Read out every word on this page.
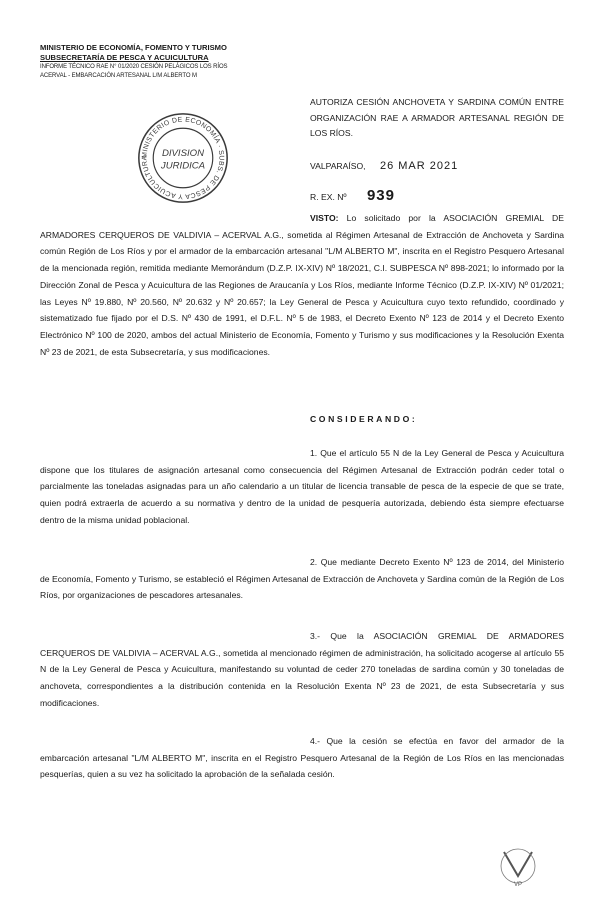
MINISTERIO DE ECONOMÍA, FOMENTO Y TURISMO
SUBSECRETARÍA DE PESCA Y ACUICULTURA
INFORME TÉCNICO RAE N° 01/2020 CESIÓN PELÁGICOS LOS RÍOS
ACERVAL - EMBARCACIÓN ARTESANAL L/M ALBERTO M
AUTORIZA CESIÓN ANCHOVETA Y SARDINA COMÚN ENTRE ORGANIZACIÓN RAE A ARMADOR ARTESANAL REGIÓN DE LOS RÍOS.
MINISTERIO DE ECONOMÍA · SUBS. DE PESCA Y ACUICULTURA	DIVISION
JURIDICA	VALPARAÍSO, 26 MAR 2021
R. EX. Nº 939
VISTO: Lo solicitado por la ASOCIACIÓN GREMIAL DE ARMADORES CERQUEROS DE VALDIVIA – ACERVAL A.G., sometida al Régimen Artesanal de Extracción de Anchoveta y Sardina común Región de Los Ríos y por el armador de la embarcación artesanal "L/M ALBERTO M", inscrita en el Registro Pesquero Artesanal de la mencionada región, remitida mediante Memorándum (D.Z.P. IX-XIV) Nº 18/2021, C.I. SUBPESCA Nº 898-2021; lo informado por la Dirección Zonal de Pesca y Acuicultura de las Regiones de Araucanía y Los Ríos, mediante Informe Técnico (D.Z.P. IX-XIV) Nº 01/2021; las Leyes Nº 19.880, Nº 20.560, Nº 20.632 y Nº 20.657; la Ley General de Pesca y Acuicultura cuyo texto refundido, coordinado y sistematizado fue fijado por el D.S. Nº 430 de 1991, el D.F.L. Nº 5 de 1983, el Decreto Exento Nº 123 de 2014 y el Decreto Exento Electrónico Nº 100 de 2020, ambos del actual Ministerio de Economía, Fomento y Turismo y sus modificaciones y la Resolución Exenta Nº 23 de 2021, de esta Subsecretaría, y sus modificaciones.
CONSIDERANDO:
1. Que el artículo 55 N de la Ley General de Pesca y Acuicultura dispone que los titulares de asignación artesanal como consecuencia del Régimen Artesanal de Extracción podrán ceder total o parcialmente las toneladas asignadas para un año calendario a un titular de licencia transable de pesca de la especie de que se trate, quien podrá extraerla de acuerdo a su normativa y dentro de la unidad de pesquería autorizada, debiendo ésta siempre efectuarse dentro de la misma unidad poblacional.
2. Que mediante Decreto Exento Nº 123 de 2014, del Ministerio de Economía, Fomento y Turismo, se estableció el Régimen Artesanal de Extracción de Anchoveta y Sardina común de la Región de Los Ríos, por organizaciones de pescadores artesanales.
3.- Que la ASOCIACIÓN GREMIAL DE ARMADORES CERQUEROS DE VALDIVIA – ACERVAL A.G., sometida al mencionado régimen de administración, ha solicitado acogerse al artículo 55 N de la Ley General de Pesca y Acuicultura, manifestando su voluntad de ceder 270 toneladas de sardina común y 30 toneladas de anchoveta, correspondientes a la distribución contenida en la Resolución Exenta Nº 23 de 2021, de esta Subsecretaría y sus modificaciones.
4.- Que la cesión se efectúa en favor del armador de la embarcación artesanal "L/M ALBERTO M", inscrita en el Registro Pesquero Artesanal de la Región de Los Ríos en las mencionadas pesquerías, quien a su vez ha solicitado la aprobación de la señalada cesión.
VP
